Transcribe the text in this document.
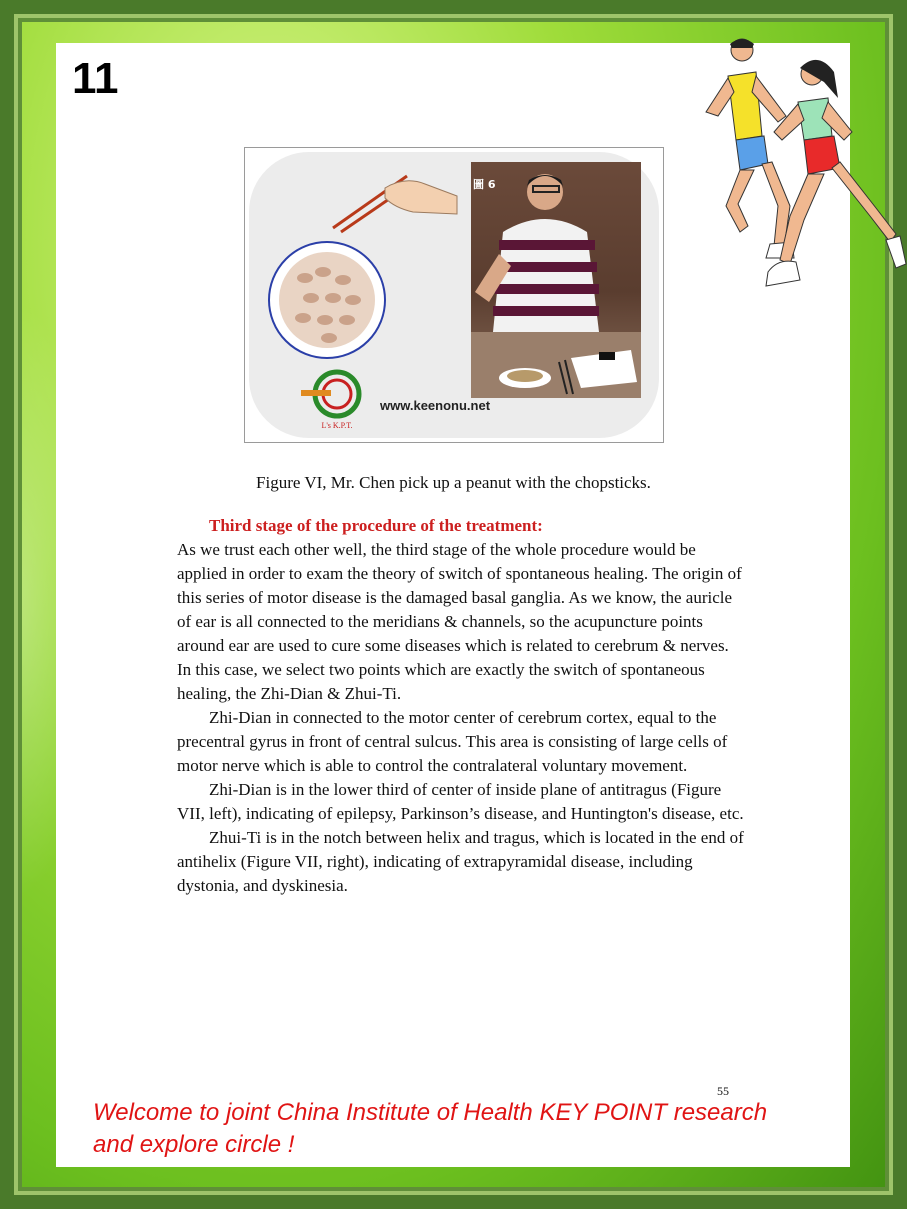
11
L's K.P.T.
圖 6
www.keenonu.net
Figure VI, Mr. Chen pick up a peanut with the chopsticks.

Third stage of the procedure of the treatment:

As we trust each other well, the third stage of the whole procedure would be applied in order to exam the theory of switch of spontaneous healing. The origin of this series of motor disease is the damaged basal ganglia. As we know, the auricle of ear is all connected to the meridians & channels, so the acupuncture points around ear are used to cure some diseases which is related to cerebrum & nerves. In this case, we select two points which are exactly the switch of spontaneous healing, the Zhi-Dian & Zhui-Ti.

Zhi-Dian in connected to the motor center of cerebrum cortex, equal to the precentral gyrus in front of central sulcus. This area is consisting of large cells of motor nerve which is able to control the contralateral voluntary movement.

Zhi-Dian is in the lower third of center of inside plane of antitragus (Figure VII, left), indicating of epilepsy, Parkinson’s disease, and Huntington's disease, etc.

Zhui-Ti is in the notch between helix and tragus, which is located in the end of antihelix (Figure VII, right), indicating of extrapyramidal disease, including dystonia, and dyskinesia.

55
Welcome to joint China Institute of Health KEY POINT research
and explore circle !
